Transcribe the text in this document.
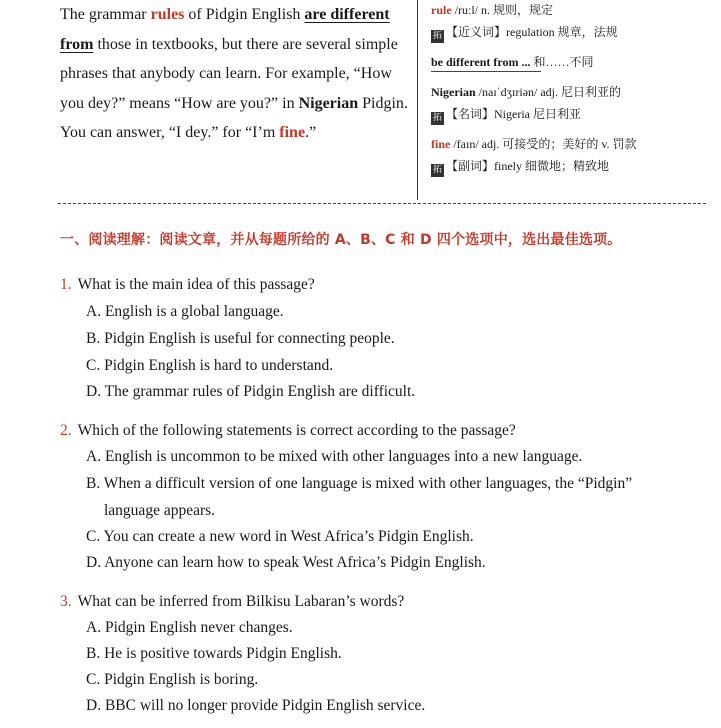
The grammar rules of Pidgin English are different
from those in textbooks, but there are several simple
phrases that anybody can learn. For example, “How
you dey?” means “How are you?” in Nigerian Pidgin.
You can answer, “I dey.” for “I’m fine.”
rule /ruːl/ n. 规则，规定
拓 【近义词】regulation 规章，法规
be different from ... 和……不同
Nigerian /naɪˈdʒɪriən/ adj. 尼日利亚的
拓 【名词】Nigeria 尼日利亚
fine /faɪn/ adj. 可接受的；美好的 v. 罚款
拓 【副词】finely 细微地；精致地
一、阅读理解：阅读文章，并从每题所给的 A、B、C 和 D 四个选项中，选出最佳选项。
1. What is the main idea of this passage?
A. English is a global language.
B. Pidgin English is useful for connecting people.
C. Pidgin English is hard to understand.
D. The grammar rules of Pidgin English are difficult.
2. Which of the following statements is correct according to the passage?
A. English is uncommon to be mixed with other languages into a new language.
B. When a difficult version of one language is mixed with other languages, the “Pidgin”
language appears.
C. You can create a new word in West Africa’s Pidgin English.
D. Anyone can learn how to speak West Africa’s Pidgin English.
3. What can be inferred from Bilkisu Labaran’s words?
A. Pidgin English never changes.
B. He is positive towards Pidgin English.
C. Pidgin English is boring.
D. BBC will no longer provide Pidgin English service.
